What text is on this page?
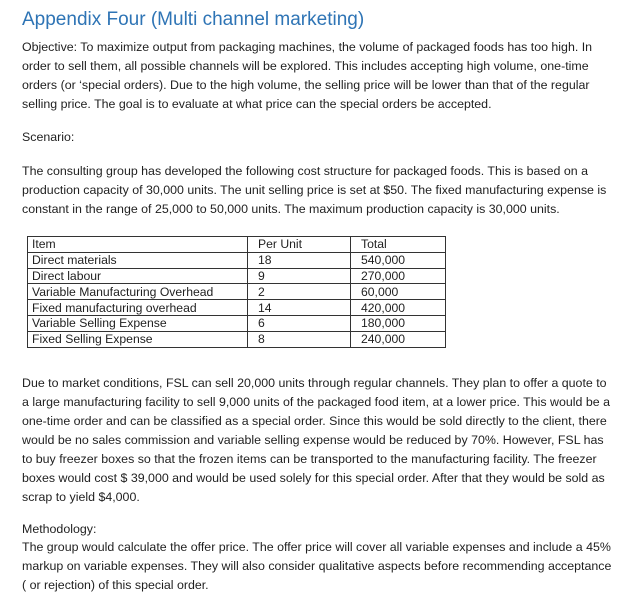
Appendix Four (Multi channel marketing)

Objective: To maximize output from packaging machines, the volume of packaged foods has too high. In order to sell them, all possible channels will be explored. This includes accepting high volume, one-time orders (or ‘special orders). Due to the high volume, the selling price will be lower than that of the regular selling price. The goal is to evaluate at what price can the special orders be accepted.

Scenario:

The consulting group has developed the following cost structure for packaged foods. This is based on a production capacity of 30,000 units. The unit selling price is set at $50. The fixed manufacturing expense is constant in the range of 25,000 to 50,000 units. The maximum production capacity is 30,000 units.

Item	Per Unit	Total
Direct materials	18	540,000
Direct labour	9	270,000
Variable Manufacturing Overhead	2	60,000
Fixed manufacturing overhead	14	420,000
Variable Selling Expense	6	180,000
Fixed Selling Expense	8	240,000

Due to market conditions, FSL can sell 20,000 units through regular channels. They plan to offer a quote to a large manufacturing facility to sell 9,000 units of the packaged food item, at a lower price. This would be a one-time order and can be classified as a special order. Since this would be sold directly to the client, there would be no sales commission and variable selling expense would be reduced by 70%. However, FSL has to buy freezer boxes so that the frozen items can be transported to the manufacturing facility. The freezer boxes would cost $ 39,000 and would be used solely for this special order. After that they would be sold as scrap to yield $4,000.

Methodology:

The group would calculate the offer price. The offer price will cover all variable expenses and include a 45% markup on variable expenses. They will also consider qualitative aspects before recommending acceptance ( or rejection) of this special order.
